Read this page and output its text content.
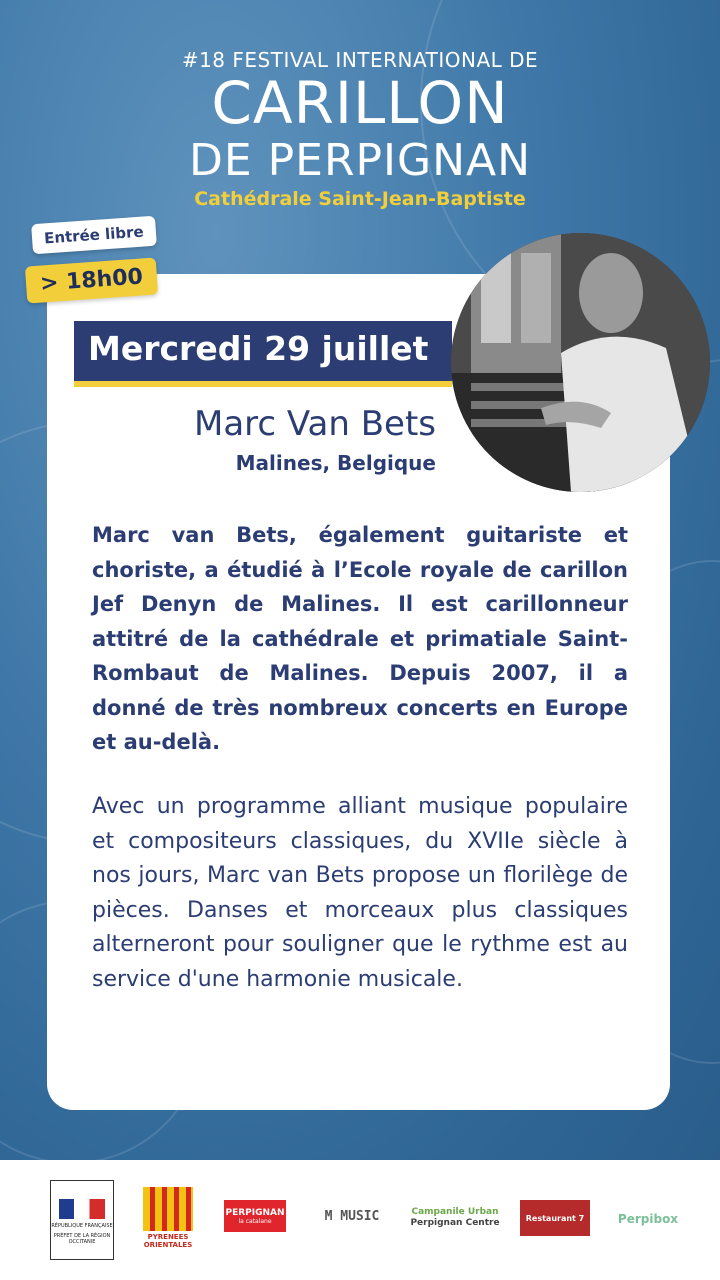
#18 FESTIVAL INTERNATIONAL DE
CARILLON
DE PERPIGNAN
Cathédrale Saint-Jean-Baptiste
Entrée libre
> 18h00
Mercredi 29 juillet
Marc Van Bets
Malines, Belgique
Marc van Bets, également guitariste et choriste, a étudié à l’Ecole royale de carillon Jef Denyn de Malines. Il est carillonneur attitré de la cathédrale et primatiale Saint-Rombaut de Malines. Depuis 2007, il a donné de très nombreux concerts en Europe et au-delà.
Avec un programme alliant musique populaire et compositeurs classiques, du XVIIe siècle à nos jours, Marc van Bets propose un florilège de pièces. Danses et morceaux plus classiques alterneront pour souligner que le rythme est au service d'une harmonie musicale.
RÉPUBLIQUE FRANÇAISE
PRÉFET DE LA RÉGION OCCITANIE
PYRENEES ORIENTALES
PERPIGNAN
la catalane	M MUSIC	Campanile Urban
Perpignan Centre	Restaurant 7	Perpibox
